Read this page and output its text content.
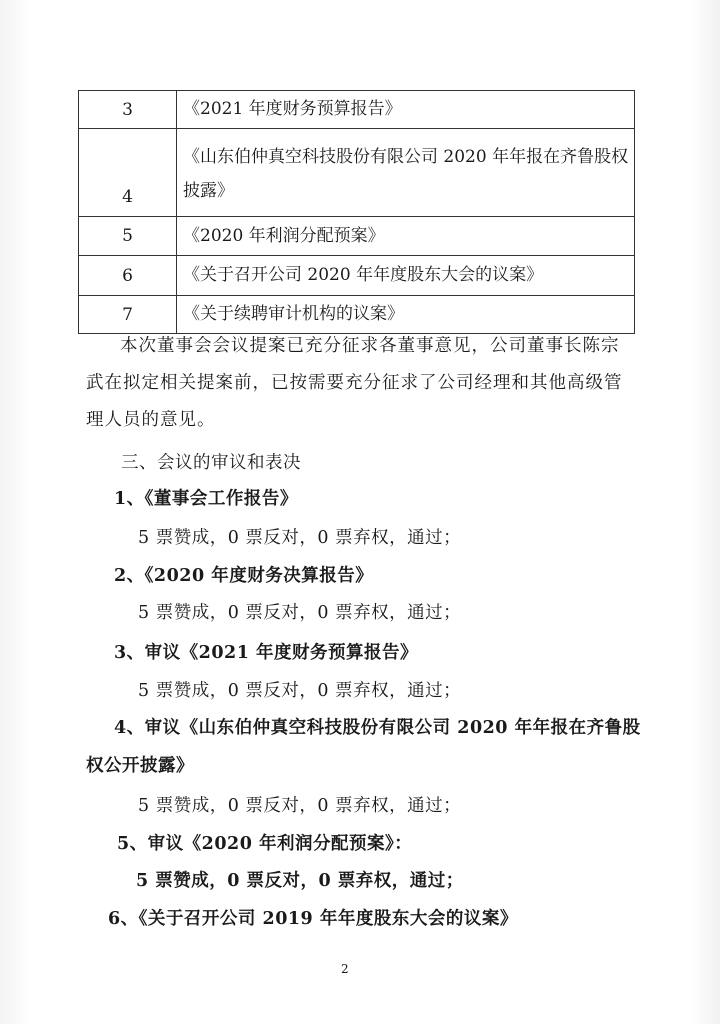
3	《2021 年度财务预算报告》
4	《山东伯仲真空科技股份有限公司 2020 年年报在齐鲁股权披露》
5	《2020 年利润分配预案》
6	《关于召开公司 2020 年年度股东大会的议案》
7	《关于续聘审计机构的议案》

本次董事会会议提案已充分征求各董事意见，公司董事长陈宗武在拟定相关提案前，已按需要充分征求了公司经理和其他高级管理人员的意见。

三、会议的审议和表决
1、《董事会工作报告》
5 票赞成，0 票反对，0 票弃权，通过；
2、《2020 年度财务决算报告》
5 票赞成，0 票反对，0 票弃权，通过；
3、审议《2021 年度财务预算报告》
5 票赞成，0 票反对，0 票弃权，通过；
4、审议《山东伯仲真空科技股份有限公司 2020 年年报在齐鲁股
权公开披露》
5 票赞成，0 票反对，0 票弃权，通过；
5、审议《2020 年利润分配预案》：
5 票赞成，0 票反对，0 票弃权，通过；
6、《关于召开公司 2019 年年度股东大会的议案》
2
